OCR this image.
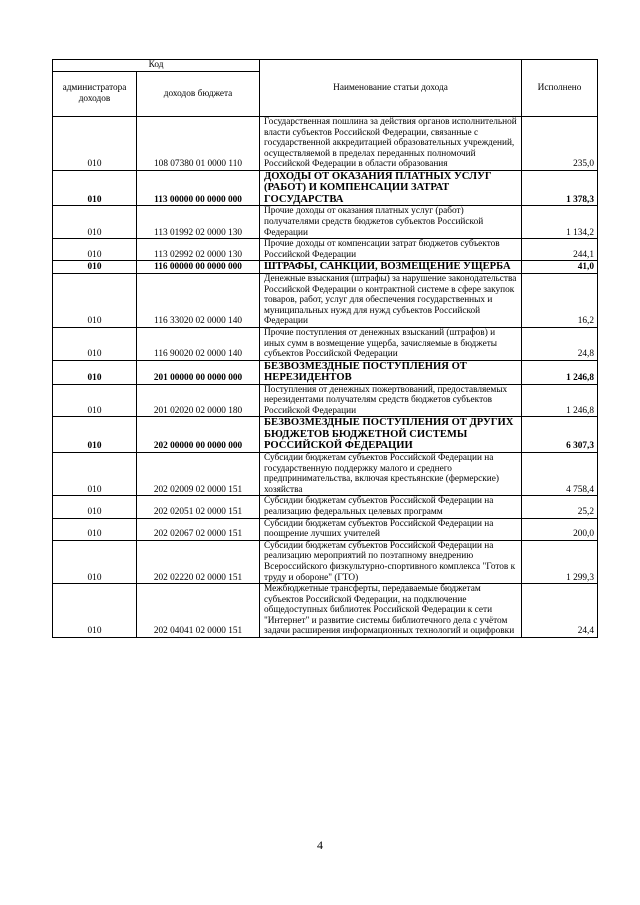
Код		Наименование статьи дохода	Исполнено
администратора доходов	доходов бюджета		
010	108 07380 01 0000 110	Государственная пошлина за действия органов исполнительной власти субъектов Российской Федерации, связанные с государственной аккредитацией образовательных учреждений, осуществляемой в пределах переданных полномочий Российской Федерации в области образования	235,0
010	113 00000 00 0000 000	ДОХОДЫ ОТ ОКАЗАНИЯ ПЛАТНЫХ УСЛУГ (РАБОТ) И КОМПЕНСАЦИИ ЗАТРАТ ГОСУДАРСТВА	1 378,3
010	113 01992 02 0000 130	Прочие доходы от оказания платных услуг (работ) получателями средств бюджетов субъектов Российской Федерации	1 134,2
010	113 02992 02 0000 130	Прочие доходы от компенсации затрат бюджетов субъектов Российской Федерации	244,1
010	116 00000 00 0000 000	ШТРАФЫ, САНКЦИИ, ВОЗМЕЩЕНИЕ УЩЕРБА	41,0
010	116 33020 02 0000 140	Денежные взыскания (штрафы) за нарушение законодательства Российской Федерации о контрактной системе в сфере закупок товаров, работ, услуг для обеспечения государственных и муниципальных нужд для нужд субъектов Российской Федерации	16,2
010	116 90020 02 0000 140	Прочие поступления от денежных взысканий (штрафов) и иных сумм в возмещение ущерба, зачисляемые в бюджеты субъектов Российской Федерации	24,8
010	201 00000 00 0000 000	БЕЗВОЗМЕЗДНЫЕ ПОСТУПЛЕНИЯ ОТ НЕРЕЗИДЕНТОВ	1 246,8
010	201 02020 02 0000 180	Поступления от денежных пожертвований, предоставляемых нерезидентами получателям средств бюджетов субъектов Российской Федерации	1 246,8
010	202 00000 00 0000 000	БЕЗВОЗМЕЗДНЫЕ ПОСТУПЛЕНИЯ ОТ ДРУГИХ БЮДЖЕТОВ БЮДЖЕТНОЙ СИСТЕМЫ РОССИЙСКОЙ ФЕДЕРАЦИИ	6 307,3
010	202 02009 02 0000 151	Субсидии бюджетам субъектов Российской Федерации на государственную поддержку малого и среднего предпринимательства, включая крестьянские (фермерские) хозяйства	4 758,4
010	202 02051 02 0000 151	Субсидии бюджетам субъектов Российской Федерации на реализацию федеральных целевых программ	25,2
010	202 02067 02 0000 151	Субсидии бюджетам субъектов Российской Федерации на поощрение лучших учителей	200,0
010	202 02220 02 0000 151	Субсидии бюджетам субъектов Российской Федерации на реализацию мероприятий по поэтапному внедрению Всероссийского физкультурно-спортивного комплекса "Готов к труду и обороне" (ГТО)	1 299,3
010	202 04041 02 0000 151	Межбюджетные трансферты, передаваемые бюджетам субъектов Российской Федерации, на подключение общедоступных библиотек Российской Федерации к сети "Интернет" и развитие системы библиотечного дела с учётом задачи расширения информационных технологий и оцифровки	24,4
4
